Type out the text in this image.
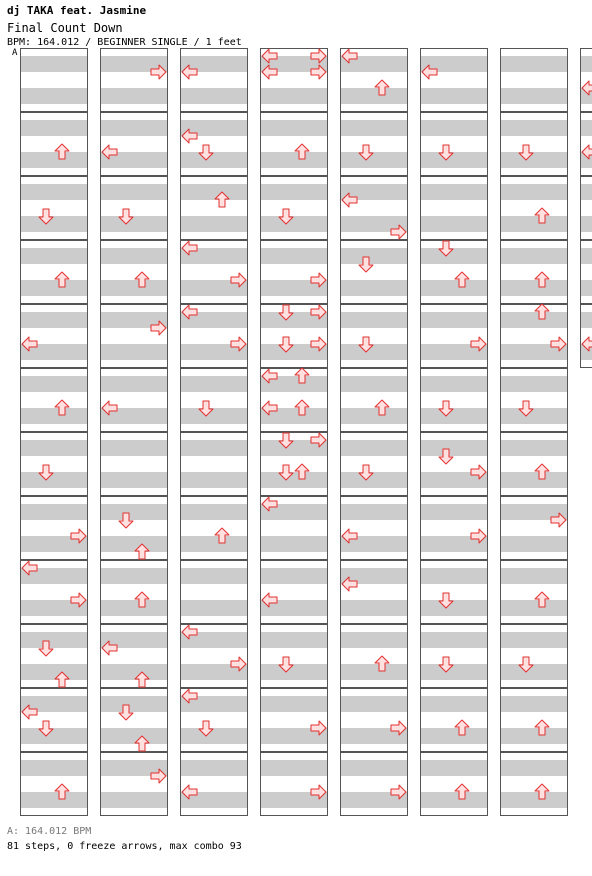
dj TAKA feat. Jasmine
Final Count Down
BPM: 164.012 / BEGINNER SINGLE / 1 feet
A
A: 164.012 BPM
81 steps, 0 freeze arrows, max combo 93
